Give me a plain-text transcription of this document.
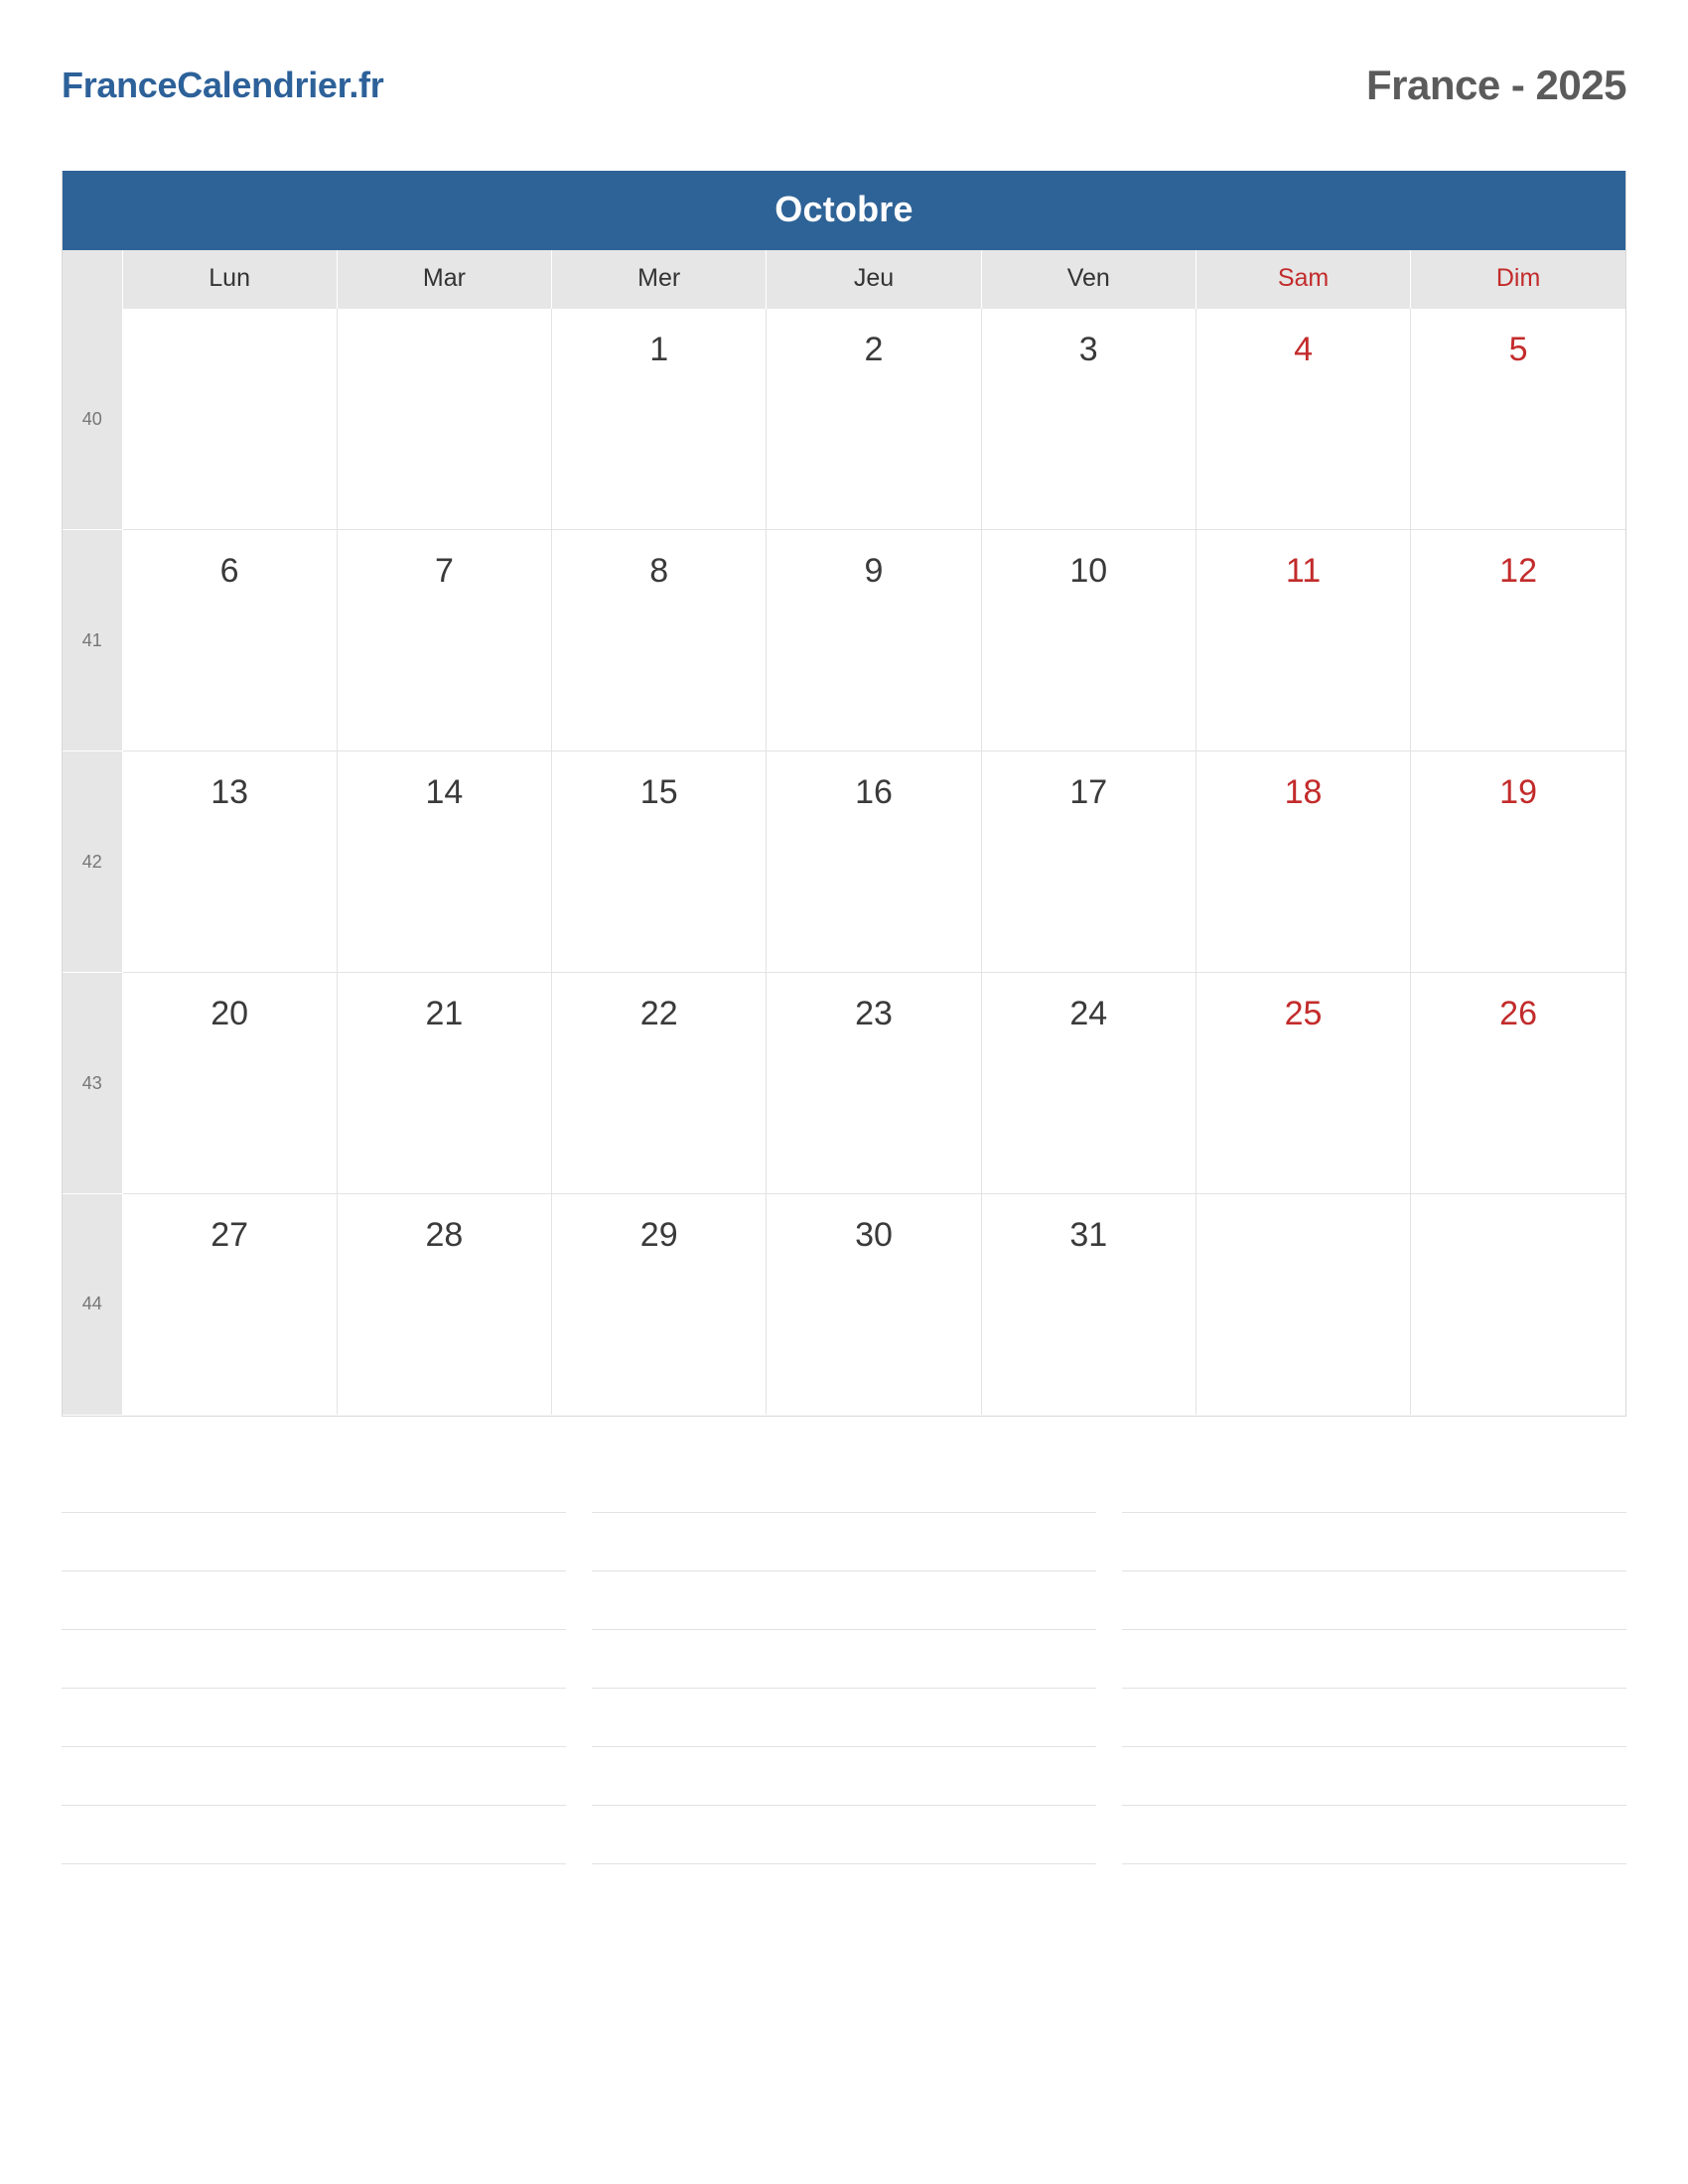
FranceCalendrier.fr	France - 2025
Octobre
	Lun	Mar	Mer	Jeu	Ven	Sam	Dim
40			1	2	3	4	5

41	6	7	8	9	10	11	12

42	13	14	15	16	17	18	19

43	20	21	22	23	24	25	26

44	27	28	29	30	31		
